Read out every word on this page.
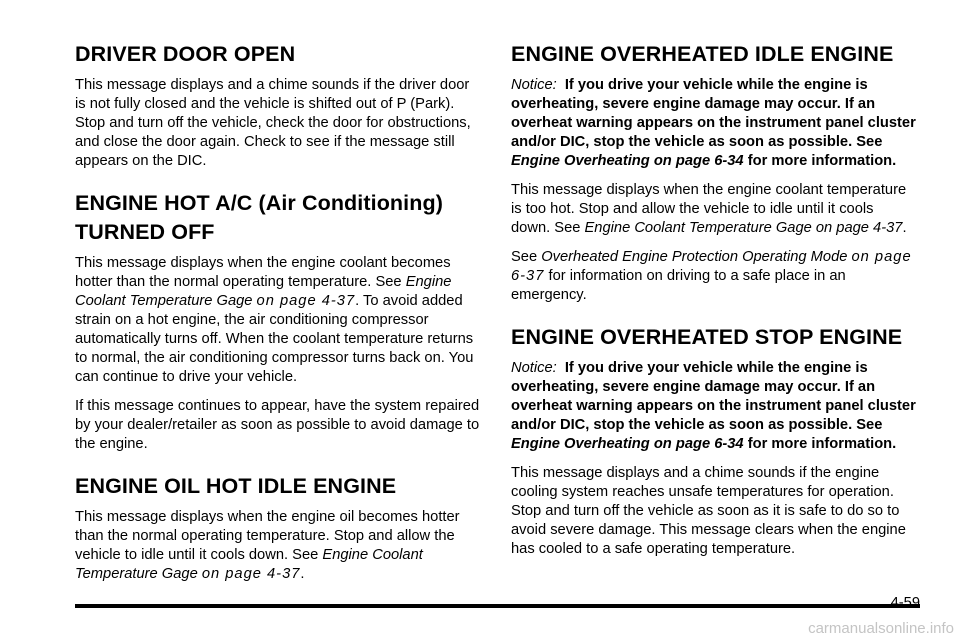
DRIVER DOOR OPEN

This message displays and a chime sounds if the driver door is not fully closed and the vehicle is shifted out of P (Park). Stop and turn off the vehicle, check the door for obstructions, and close the door again. Check to see if the message still appears on the DIC.

ENGINE HOT A/C (Air Conditioning)
TURNED OFF

This message displays when the engine coolant becomes hotter than the normal operating temperature. See Engine Coolant Temperature Gage on page 4-37. To avoid added strain on a hot engine, the air conditioning compressor automatically turns off. When the coolant temperature returns to normal, the air conditioning compressor turns back on. You can continue to drive your vehicle.

If this message continues to appear, have the system repaired by your dealer/retailer as soon as possible to avoid damage to the engine.

ENGINE OIL HOT IDLE ENGINE

This message displays when the engine oil becomes hotter than the normal operating temperature. Stop and allow the vehicle to idle until it cools down. See Engine Coolant Temperature Gage on page 4-37.

ENGINE OVERHEATED IDLE ENGINE

Notice: If you drive your vehicle while the engine is overheating, severe engine damage may occur. If an overheat warning appears on the instrument panel cluster and/or DIC, stop the vehicle as soon as possible. See Engine Overheating on page 6-34 for more information.

This message displays when the engine coolant temperature is too hot. Stop and allow the vehicle to idle until it cools down. See Engine Coolant Temperature Gage on page 4-37.

See Overheated Engine Protection Operating Mode on page 6-37 for information on driving to a safe place in an emergency.

ENGINE OVERHEATED STOP ENGINE

Notice: If you drive your vehicle while the engine is overheating, severe engine damage may occur. If an overheat warning appears on the instrument panel cluster and/or DIC, stop the vehicle as soon as possible. See Engine Overheating on page 6-34 for more information.

This message displays and a chime sounds if the engine cooling system reaches unsafe temperatures for operation. Stop and turn off the vehicle as soon as it is safe to do so to avoid severe damage. This message clears when the engine has cooled to a safe operating temperature.

4-59
carmanualsonline.info
